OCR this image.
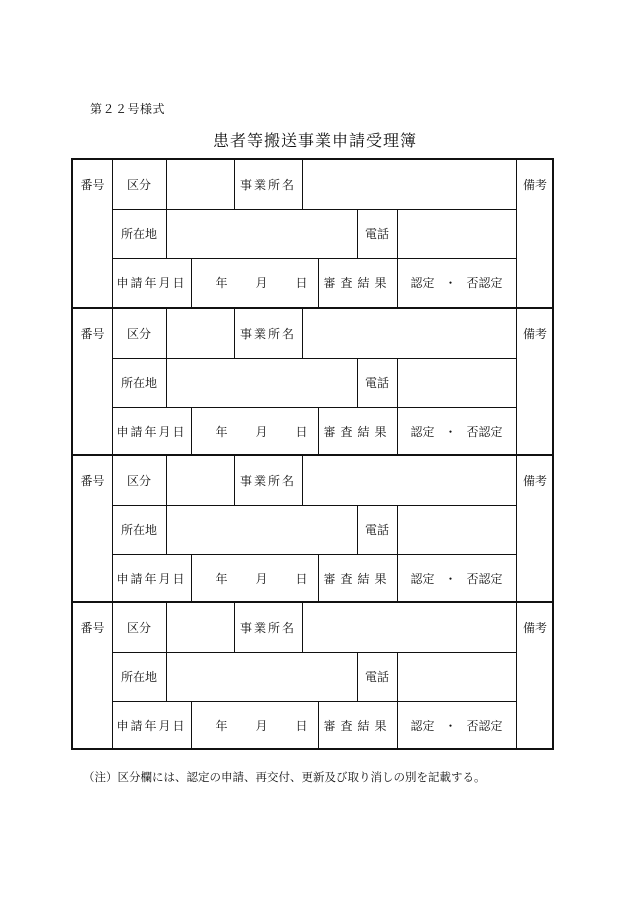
第２２号様式
患者等搬送事業申請受理簿
番号	区分	事業所名	備考
所在地	電話
申請年月日	年 月 日	審査結果	認定 ・ 否認定
番号	区分	事業所名	備考
所在地	電話
申請年月日	年 月 日	審査結果	認定 ・ 否認定
番号	区分	事業所名	備考
所在地	電話
申請年月日	年 月 日	審査結果	認定 ・ 否認定
番号	区分	事業所名	備考
所在地	電話
申請年月日	年 月 日	審査結果	認定 ・ 否認定
（注）区分欄には、認定の申請、再交付、更新及び取り消しの別を記載する。
